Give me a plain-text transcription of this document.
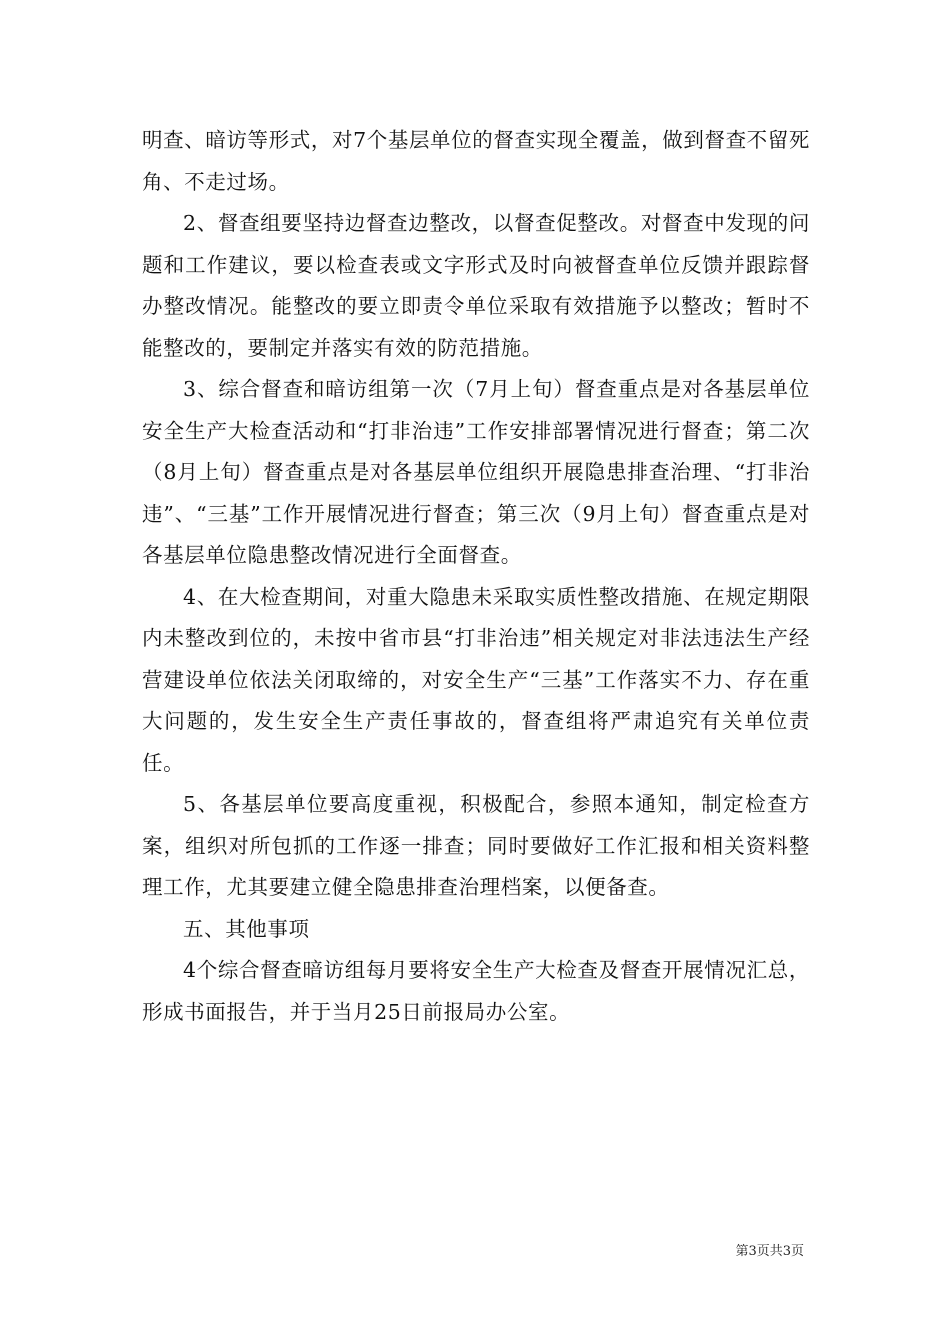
明查、暗访等形式，对7个基层单位的督查实现全覆盖，做到督查不留死角、不走过场。

2、督查组要坚持边督查边整改，以督查促整改。对督查中发现的问题和工作建议，要以检查表或文字形式及时向被督查单位反馈并跟踪督办整改情况。能整改的要立即责令单位采取有效措施予以整改；暂时不能整改的，要制定并落实有效的防范措施。

3、综合督查和暗访组第一次（7月上旬）督查重点是对各基层单位安全生产大检查活动和“打非治违”工作安排部署情况进行督查；第二次（8月上旬）督查重点是对各基层单位组织开展隐患排查治理、“打非治违”、“三基”工作开展情况进行督查；第三次（9月上旬）督查重点是对各基层单位隐患整改情况进行全面督查。

4、在大检查期间，对重大隐患未采取实质性整改措施、在规定期限内未整改到位的，未按中省市县“打非治违”相关规定对非法违法生产经营建设单位依法关闭取缔的，对安全生产“三基”工作落实不力、存在重大问题的，发生安全生产责任事故的，督查组将严肃追究有关单位责任。

5、各基层单位要高度重视，积极配合，参照本通知，制定检查方案，组织对所包抓的工作逐一排查；同时要做好工作汇报和相关资料整理工作，尤其要建立健全隐患排查治理档案，以便备查。

五、其他事项

4个综合督查暗访组每月要将安全生产大检查及督查开展情况汇总，形成书面报告，并于当月25日前报局办公室。

第3页共3页
